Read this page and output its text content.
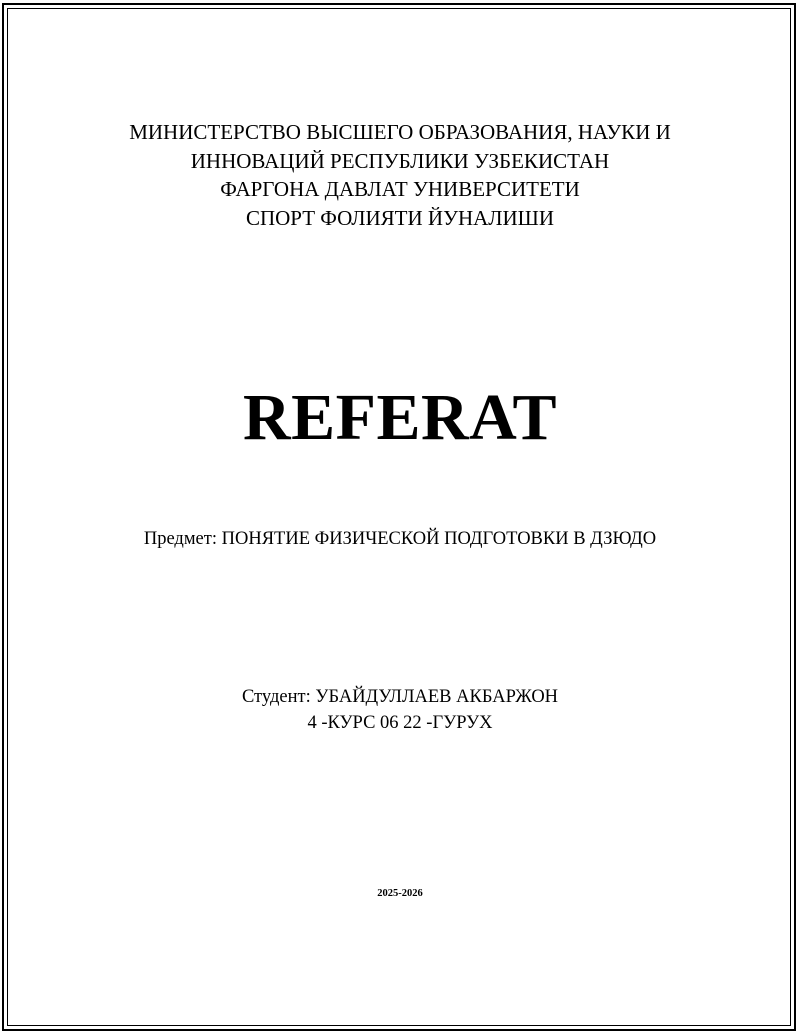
МИНИСТЕРСТВО ВЫСШЕГО ОБРАЗОВАНИЯ, НАУКИ И
ИННОВАЦИЙ РЕСПУБЛИКИ УЗБЕКИСТАН
ФАРГОНА ДАВЛАТ УНИВЕРСИТЕТИ
СПОРТ ФОЛИЯТИ ЙУНАЛИШИ
REFERAT
Предмет: ПОНЯТИЕ ФИЗИЧЕСКОЙ ПОДГОТОВКИ В ДЗЮДО
Студент: УБАЙДУЛЛАЕВ АКБАРЖОН
4 -КУРС 06 22 -ГУРУХ
2025-2026
